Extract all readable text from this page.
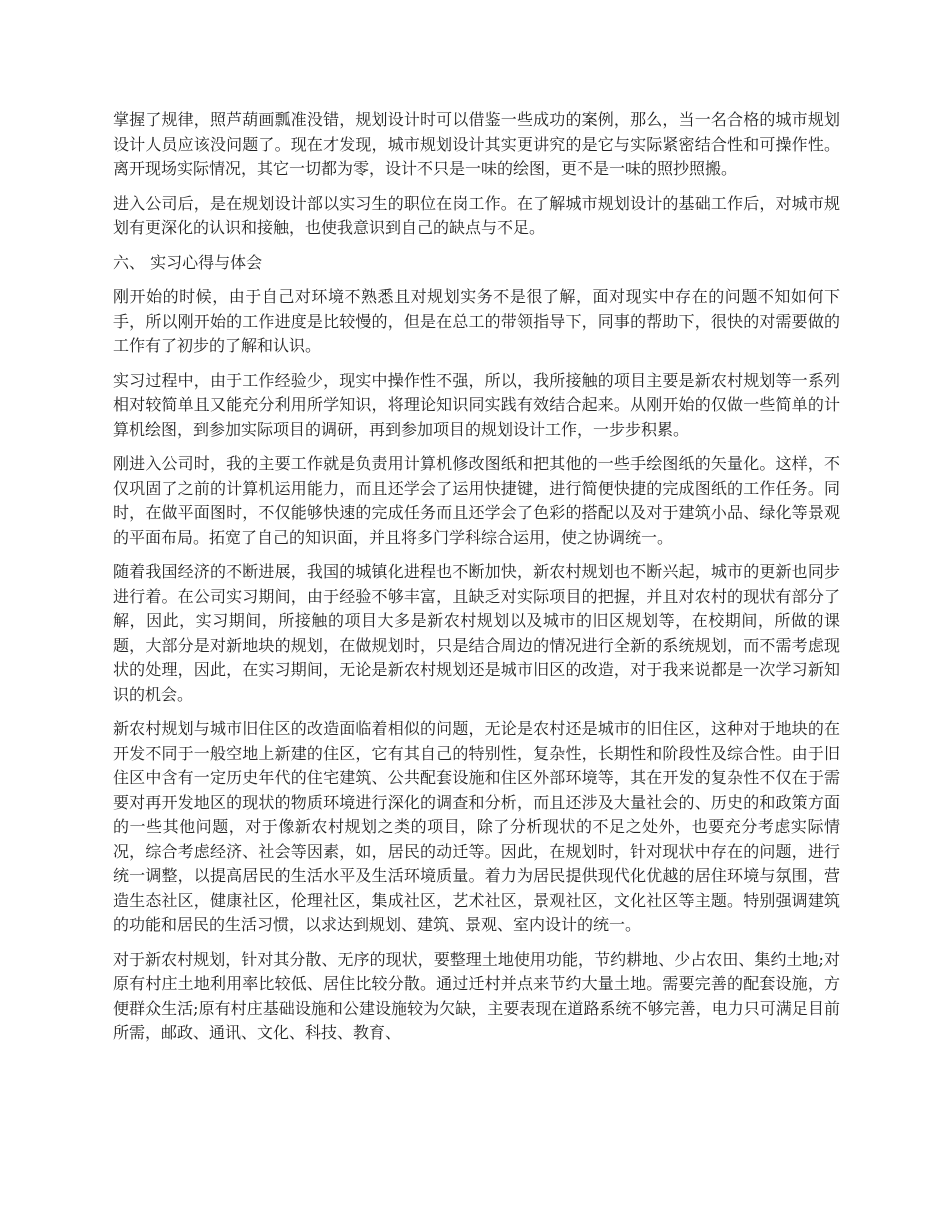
掌握了规律，照芦葫画瓢准没错，规划设计时可以借鉴一些成功的案例，那么，当一名合格的城市规划设计人员应该没问题了。现在才发现，城市规划设计其实更讲究的是它与实际紧密结合性和可操作性。离开现场实际情况，其它一切都为零，设计不只是一味的绘图，更不是一味的照抄照搬。

进入公司后，是在规划设计部以实习生的职位在岗工作。在了解城市规划设计的基础工作后，对城市规划有更深化的认识和接触，也使我意识到自己的缺点与不足。

六、 实习心得与体会

刚开始的时候，由于自己对环境不熟悉且对规划实务不是很了解，面对现实中存在的问题不知如何下手，所以刚开始的工作进度是比较慢的，但是在总工的带领指导下，同事的帮助下，很快的对需要做的工作有了初步的了解和认识。

实习过程中，由于工作经验少，现实中操作性不强，所以，我所接触的项目主要是新农村规划等一系列相对较简单且又能充分利用所学知识，将理论知识同实践有效结合起来。从刚开始的仅做一些简单的计算机绘图，到参加实际项目的调研，再到参加项目的规划设计工作，一步步积累。

刚进入公司时，我的主要工作就是负责用计算机修改图纸和把其他的一些手绘图纸的矢量化。这样，不仅巩固了之前的计算机运用能力，而且还学会了运用快捷键，进行简便快捷的完成图纸的工作任务。同时，在做平面图时，不仅能够快速的完成任务而且还学会了色彩的搭配以及对于建筑小品、绿化等景观的平面布局。拓宽了自己的知识面，并且将多门学科综合运用，使之协调统一。

随着我国经济的不断进展，我国的城镇化进程也不断加快，新农村规划也不断兴起，城市的更新也同步进行着。在公司实习期间，由于经验不够丰富，且缺乏对实际项目的把握，并且对农村的现状有部分了解，因此，实习期间，所接触的项目大多是新农村规划以及城市的旧区规划等，在校期间，所做的课题，大部分是对新地块的规划，在做规划时，只是结合周边的情况进行全新的系统规划，而不需考虑现状的处理，因此，在实习期间，无论是新农村规划还是城市旧区的改造，对于我来说都是一次学习新知识的机会。

新农村规划与城市旧住区的改造面临着相似的问题，无论是农村还是城市的旧住区，这种对于地块的在开发不同于一般空地上新建的住区，它有其自己的特别性，复杂性，长期性和阶段性及综合性。由于旧住区中含有一定历史年代的住宅建筑、公共配套设施和住区外部环境等，其在开发的复杂性不仅在于需要对再开发地区的现状的物质环境进行深化的调查和分析，而且还涉及大量社会的、历史的和政策方面的一些其他问题，对于像新农村规划之类的项目，除了分析现状的不足之处外，也要充分考虑实际情况，综合考虑经济、社会等因素，如，居民的动迁等。因此，在规划时，针对现状中存在的问题，进行统一调整，以提高居民的生活水平及生活环境质量。着力为居民提供现代化优越的居住环境与氛围，营造生态社区，健康社区，伦理社区，集成社区，艺术社区，景观社区，文化社区等主题。特别强调建筑的功能和居民的生活习惯，以求达到规划、建筑、景观、室内设计的统一。

对于新农村规划，针对其分散、无序的现状，要整理土地使用功能，节约耕地、少占农田、集约土地;对原有村庄土地利用率比较低、居住比较分散。通过迁村并点来节约大量土地。需要完善的配套设施，方便群众生活;原有村庄基础设施和公建设施较为欠缺，主要表现在道路系统不够完善，电力只可满足目前所需，邮政、通讯、文化、科技、教育、
